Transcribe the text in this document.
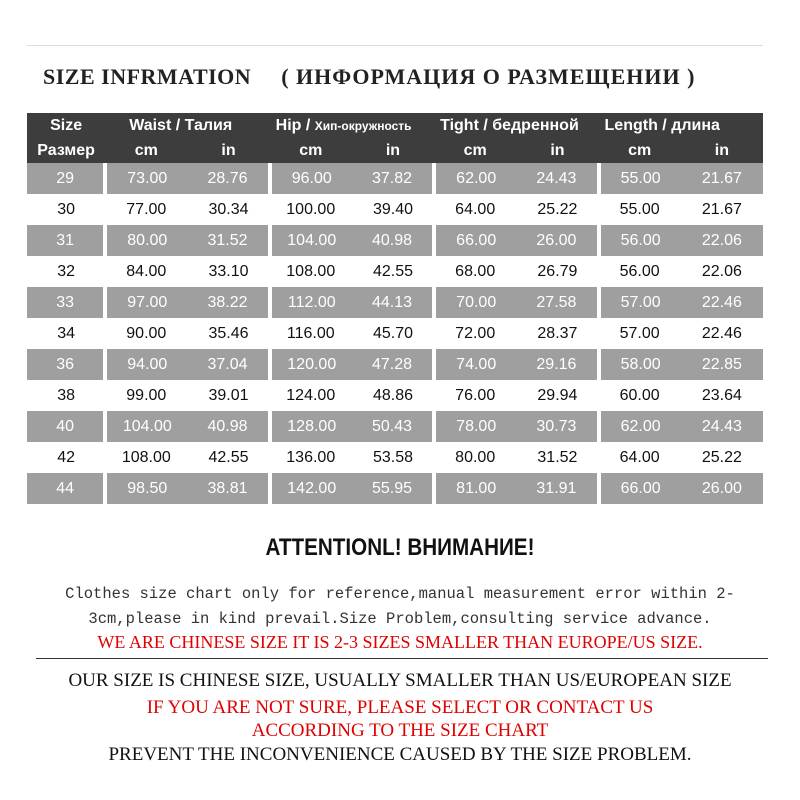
SIZE INFRMATION ( ИНФОРМАЦИЯ О РАЗМЕЩЕНИИ )
Size	Waist / Талия		Hip / Хип-окружность		Tight / бедренной		Length / длина	
Размер	cm	in	cm	in	cm	in	cm	in
29	73.00	28.76	96.00	37.82	62.00	24.43	55.00	21.67
30	77.00	30.34	100.00	39.40	64.00	25.22	55.00	21.67
31	80.00	31.52	104.00	40.98	66.00	26.00	56.00	22.06
32	84.00	33.10	108.00	42.55	68.00	26.79	56.00	22.06
33	97.00	38.22	112.00	44.13	70.00	27.58	57.00	22.46
34	90.00	35.46	116.00	45.70	72.00	28.37	57.00	22.46
36	94.00	37.04	120.00	47.28	74.00	29.16	58.00	22.85
38	99.00	39.01	124.00	48.86	76.00	29.94	60.00	23.64
40	104.00	40.98	128.00	50.43	78.00	30.73	62.00	24.43
42	108.00	42.55	136.00	53.58	80.00	31.52	64.00	25.22
44	98.50	38.81	142.00	55.95	81.00	31.91	66.00	26.00
ATTENTIONL! ВНИМАНИЕ!
Clothes size chart only for reference,manual measurement error within 2-3cm,please in kind prevail.Size Problem,consulting service advance.
WE ARE CHINESE SIZE IT IS 2-3 SIZES SMALLER THAN EUROPE/US SIZE.
OUR SIZE IS CHINESE SIZE, USUALLY SMALLER THAN US/EUROPEAN SIZE
IF YOU ARE NOT SURE, PLEASE SELECT OR CONTACT US
ACCORDING TO THE SIZE CHART
PREVENT THE INCONVENIENCE CAUSED BY THE SIZE PROBLEM.
